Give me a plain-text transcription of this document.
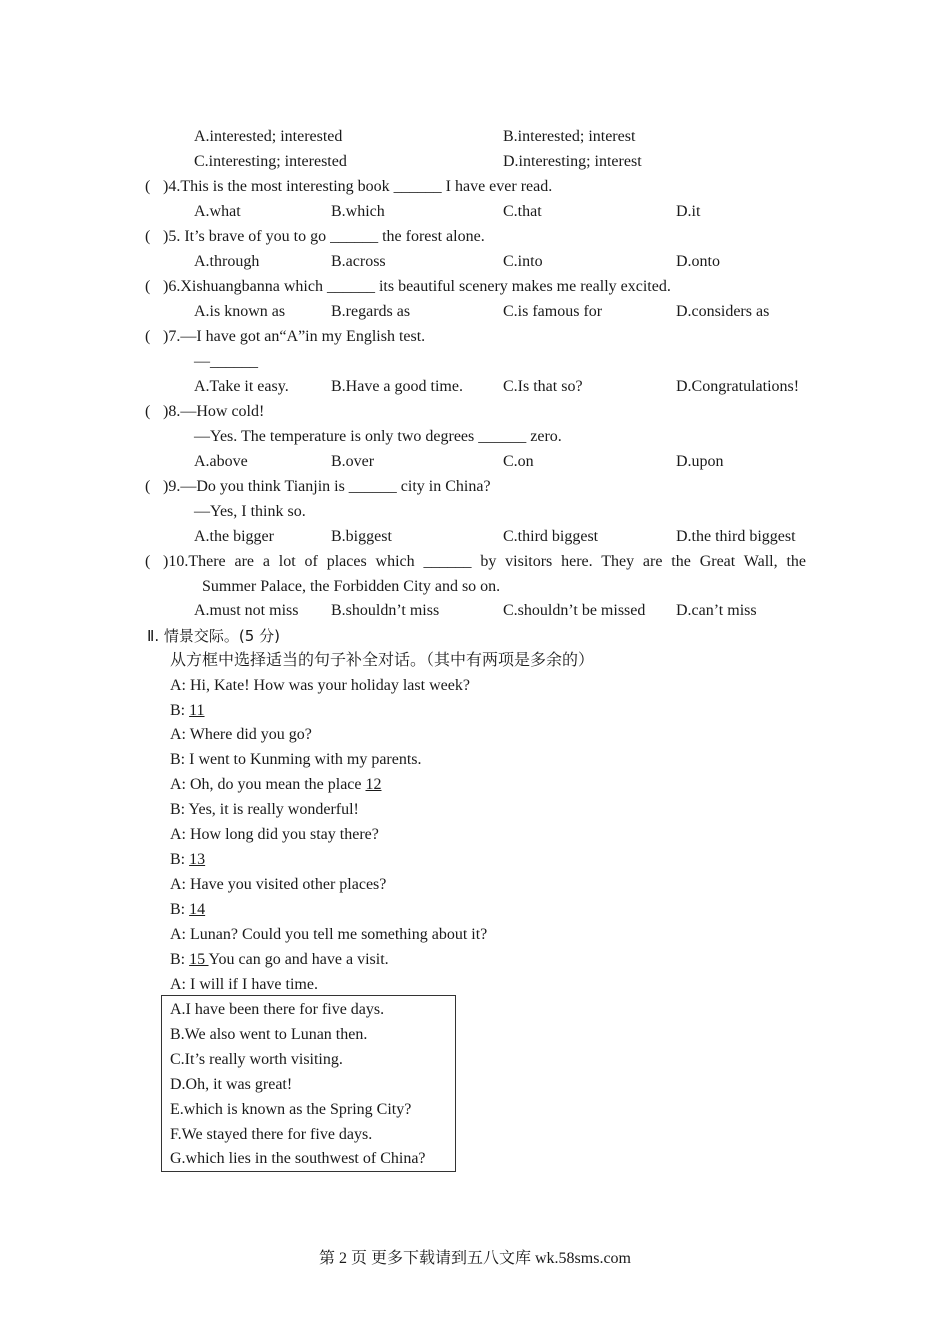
A.interested; interested	B.interested; interest
C.interesting; interested	D.interesting; interest
( )4.This is the most interesting book ______ I have ever read.
A.what	B.which	C.that	D.it
( )5. It’s brave of you to go ______ the forest alone.
A.through	B.across	C.into	D.onto
( )6.Xishuangbanna which ______ its beautiful scenery makes me really excited.
A.is known as	B.regards as	C.is famous for	D.considers as
( )7.—I have got an“A”in my English test.
—______
A.Take it easy.	B.Have a good time.	C.Is that so?	D.Congratulations!
( )8.—How cold!
—Yes. The temperature is only two degrees ______ zero.
A.above	B.over	C.on	D.upon
( )9.—Do you think Tianjin is ______ city in China?
—Yes, I think so.
A.the bigger	B.biggest	C.third biggest	D.the third biggest
( )10.There are a lot of places which ______ by visitors here. They are the Great Wall, the
Summer Palace, the Forbidden City and so on.
A.must not miss B.shouldn’t miss	C.shouldn’t be missed D.can’t miss
Ⅱ. 情景交际。(5 分)
从方框中选择适当的句子补全对话。（其中有两项是多余的）
A: Hi, Kate! How was your holiday last week?
B: 11
A: Where did you go?
B: I went to Kunming with my parents.
A: Oh, do you mean the place 12
B: Yes, it is really wonderful!
A: How long did you stay there?
B: 13
A: Have you visited other places?
B: 14
A: Lunan? Could you tell me something about it?
B: 15 You can go and have a visit.
A: I will if I have time.
A.I have been there for five days.
B.We also went to Lunan then.
C.It’s really worth visiting.
D.Oh, it was great!
E.which is known as the Spring City?
F.We stayed there for five days.
G.which lies in the southwest of China?
第 2 页 更多下载请到五八文库 wk.58sms.com
